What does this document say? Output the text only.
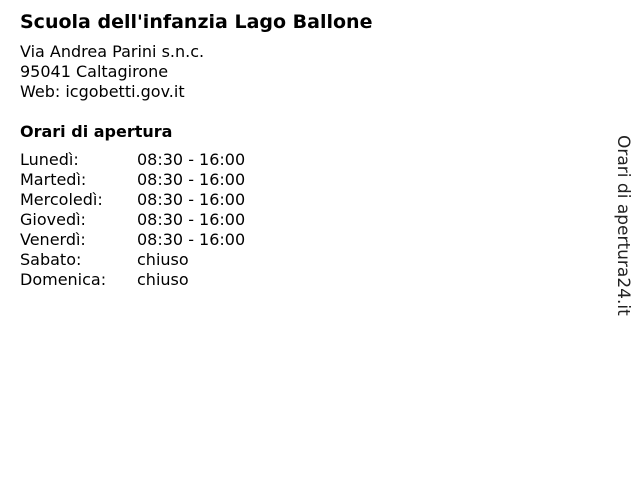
Scuola dell'infanzia Lago Ballone
Via Andrea Parini s.n.c.
95041 Caltagirone
Web: icgobetti.gov.it
Orari di apertura
Lunedì:	08:30 - 16:00
Martedì:	08:30 - 16:00
Mercoledì:	08:30 - 16:00
Giovedì:	08:30 - 16:00
Venerdì:	08:30 - 16:00
Sabato:	chiuso
Domenica:	chiuso	Orari di apertura24.it
